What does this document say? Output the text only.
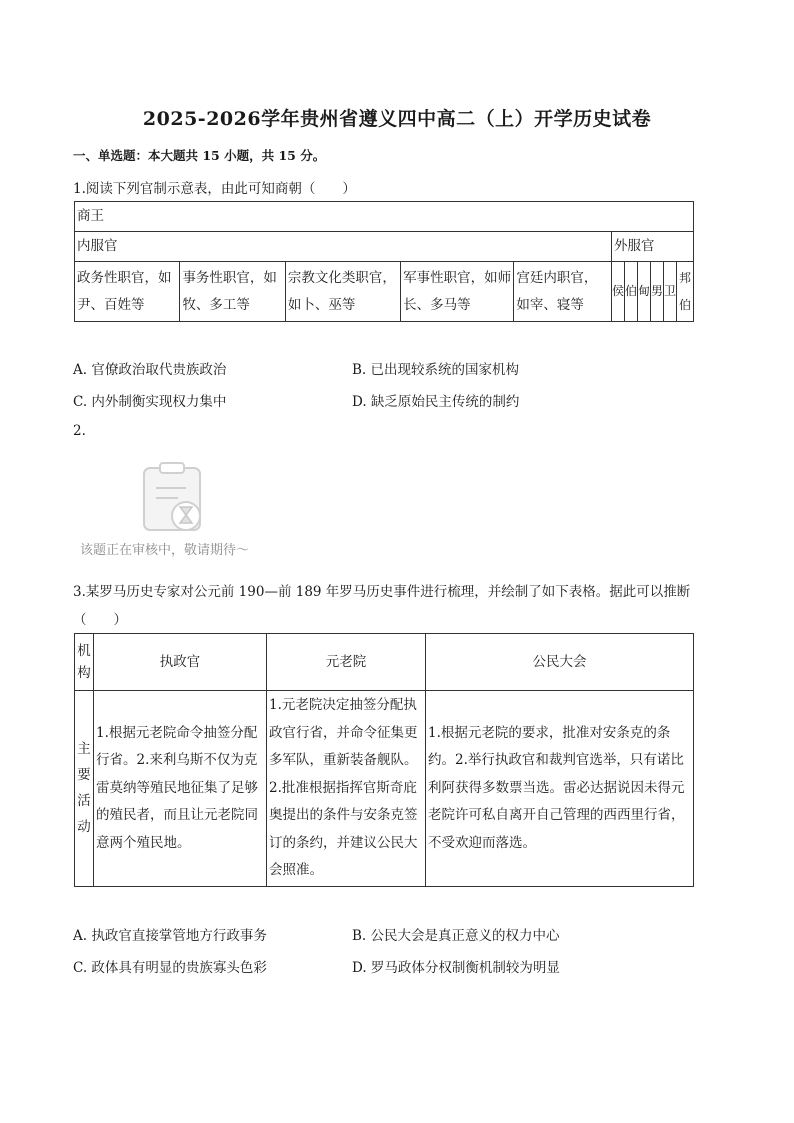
2025-2026学年贵州省遵义四中高二（上）开学历史试卷
一、单选题：本大题共 15 小题，共 15 分。
1.阅读下列官制示意表，由此可知商朝（　　）
商王										
内服官					外服官					
政务性职官，如尹、百姓等	事务性职官，如牧、多工等	宗教文化类职官，如卜、巫等	军事性职官，如师长、多马等	宫廷内职官，如宰、寝等	侯	伯	甸	男	卫	邦伯
A. 官僚政治取代贵族政治	B. 已出现较系统的国家机构
C. 内外制衡实现权力集中	D. 缺乏原始民主传统的制约
2.
该题正在审核中，敬请期待～
3.某罗马历史专家对公元前 190—前 189 年罗马历史事件进行梳理，并绘制了如下表格。据此可以推断（　　）
机构	执政官	元老院	公民大会
主要活动	1.根据元老院命令抽签分配行省。2.来利乌斯不仅为克雷莫纳等殖民地征集了足够的殖民者，而且让元老院同意两个殖民地。	1.元老院决定抽签分配执政官行省，并命令征集更多军队，重新装备舰队。2.批准根据指挥官斯奇庇奥提出的条件与安条克签订的条约，并建议公民大会照准。	1.根据元老院的要求，批准对安条克的条约。2.举行执政官和裁判官选举，只有诺比利阿获得多数票当选。雷必达据说因未得元老院许可私自离开自己管理的西西里行省，不受欢迎而落选。
A. 执政官直接掌管地方行政事务	B. 公民大会是真正意义的权力中心
C. 政体具有明显的贵族寡头色彩	D. 罗马政体分权制衡机制较为明显
